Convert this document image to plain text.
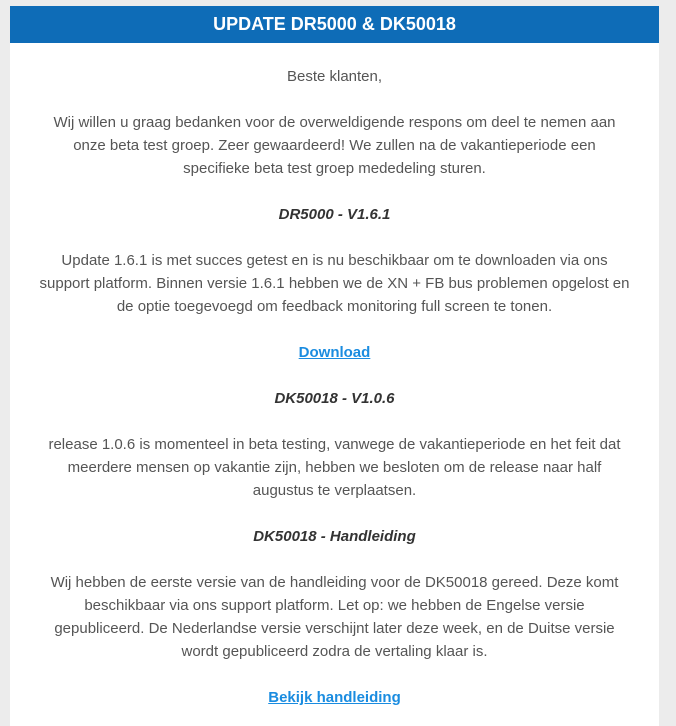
UPDATE DR5000 & DK50018

Beste klanten,

Wij willen u graag bedanken voor de overweldigende respons om deel te nemen aan onze beta test groep. Zeer gewaardeerd! We zullen na de vakantieperiode een specifieke beta test groep mededeling sturen.

DR5000 - V1.6.1

Update 1.6.1 is met succes getest en is nu beschikbaar om te downloaden via ons support platform. Binnen versie 1.6.1 hebben we de XN + FB bus problemen opgelost en de optie toegevoegd om feedback monitoring full screen te tonen.

Download

DK50018 - V1.0.6

release 1.0.6 is momenteel in beta testing, vanwege de vakantieperiode en het feit dat meerdere mensen op vakantie zijn, hebben we besloten om de release naar half augustus te verplaatsen.

DK50018 - Handleiding

Wij hebben de eerste versie van de handleiding voor de DK50018 gereed. Deze komt beschikbaar via ons support platform. Let op: we hebben de Engelse versie gepubliceerd. De Nederlandse versie verschijnt later deze week, en de Duitse versie wordt gepubliceerd zodra de vertaling klaar is.

Bekijk handleiding
